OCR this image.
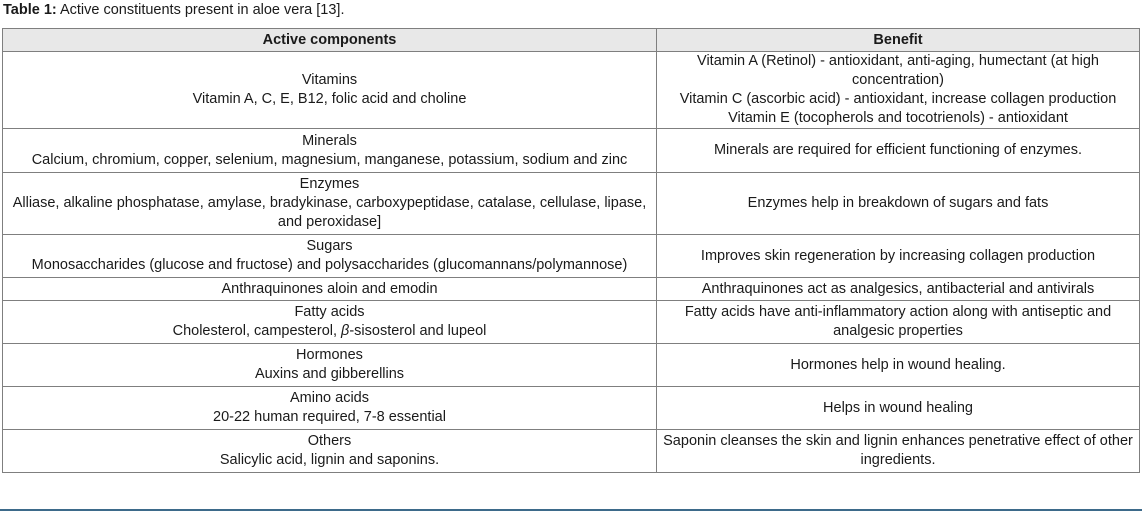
Table 1: Active constituents present in aloe vera [13].
Active components	Benefit

Vitamins
Vitamin A, C, E, B12, folic acid and choline	Vitamin A (Retinol) - antioxidant, anti-aging, humectant (at high concentration)
Vitamin C (ascorbic acid) - antioxidant, increase collagen production
Vitamin E (tocopherols and tocotrienols) - antioxidant

Minerals
Calcium, chromium, copper, selenium, magnesium, manganese, potassium, sodium and zinc	Minerals are required for efficient functioning of enzymes.

Enzymes
Alliase, alkaline phosphatase, amylase, bradykinase, carboxypeptidase, catalase, cellulase, lipase, and peroxidase]	Enzymes help in breakdown of sugars and fats

Sugars
Monosaccharides (glucose and fructose) and polysaccharides (glucomannans/polymannose)	Improves skin regeneration by increasing collagen production

Anthraquinones aloin and emodin	Anthraquinones act as analgesics, antibacterial and antivirals

Fatty acids
Cholesterol, campesterol, β-sisosterol and lupeol	Fatty acids have anti-inflammatory action along with antiseptic and analgesic properties

Hormones
Auxins and gibberellins	Hormones help in wound healing.

Amino acids
20-22 human required, 7-8 essential	Helps in wound healing

Others
Salicylic acid, lignin and saponins.	Saponin cleanses the skin and lignin enhances penetrative effect of other ingredients.
